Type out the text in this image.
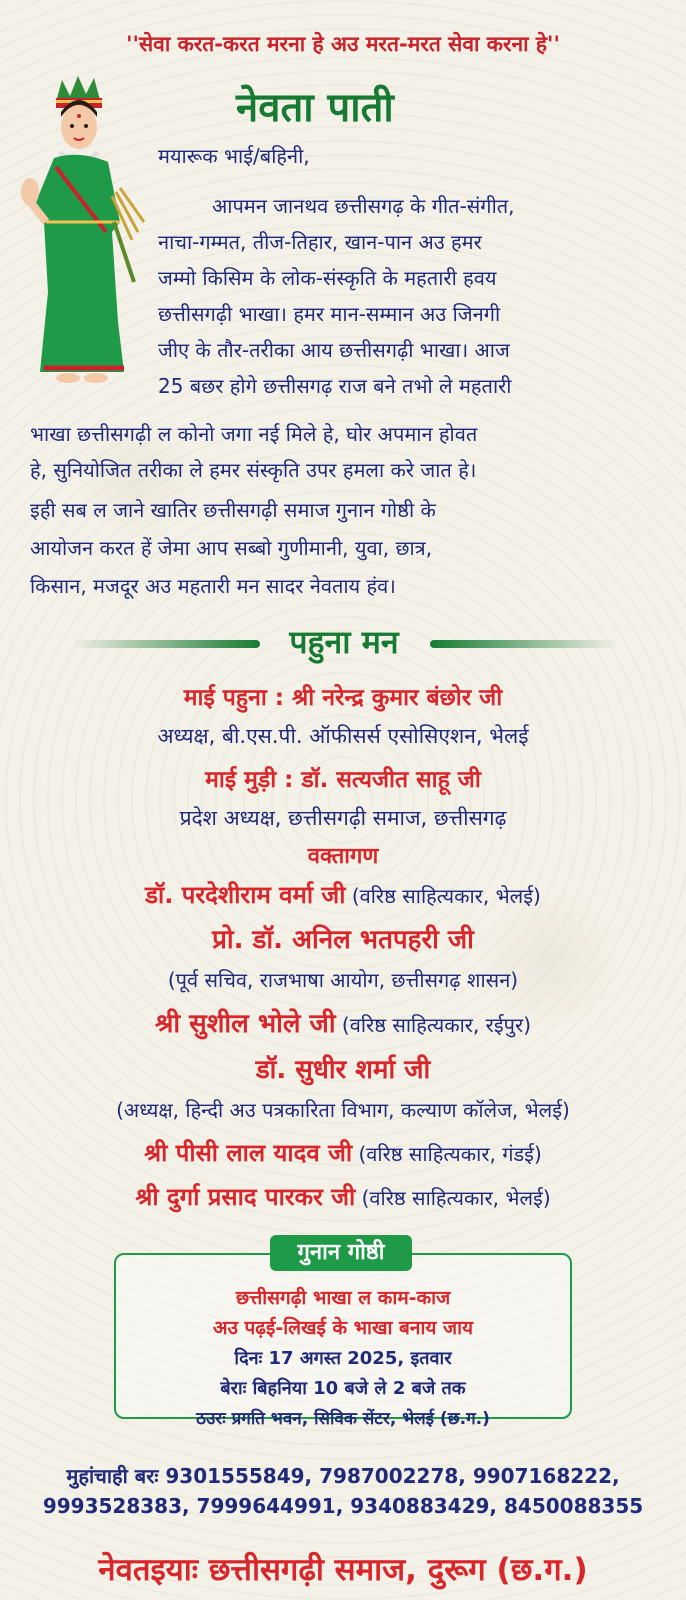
''सेवा करत-करत मरना हे अउ मरत-मरत सेवा करना हे''
नेवता पाती
मयारूक भाई/बहिनी,
आपमन जानथव छत्तीसगढ़ के गीत-संगीत,
नाचा-गम्मत, तीज-तिहार, खान-पान अउ हमर
जम्मो किसिम के लोक-संस्कृति के महतारी हवय
छत्तीसगढ़ी भाखा। हमर मान-सम्मान अउ जिनगी
जीए के तौर-तरीका आय छत्तीसगढ़ी भाखा। आज
25 बछर होगे छत्तीसगढ़ राज बने तभो ले महतारी
भाखा छत्तीसगढ़ी ल कोनो जगा नई मिले हे, घोर अपमान होवत
हे, सुनियोजित तरीका ले हमर संस्कृति उपर हमला करे जात हे।
इही सब ल जाने खातिर छत्तीसगढ़ी समाज गुनान गोष्ठी के
आयोजन करत हें जेमा आप सब्बो गुणीमानी, युवा, छात्र,
किसान, मजदूर अउ महतारी मन सादर नेवताय हंव।
पहुना मन
माई पहुना : श्री नरेन्द्र कुमार बंछोर जी
अध्यक्ष, बी.एस.पी. ऑफीसर्स एसोसिएशन, भेलई
माई मुड़ी : डॉ. सत्यजीत साहू जी
प्रदेश अध्यक्ष, छत्तीसगढ़ी समाज, छत्तीसगढ़
वक्तागण
डॉ. परदेशीराम वर्मा जी (वरिष्ठ साहित्यकार, भेलई)
प्रो. डॉ. अनिल भतपहरी जी
(पूर्व सचिव, राजभाषा आयोग, छत्तीसगढ़ शासन)
श्री सुशील भोले जी (वरिष्ठ साहित्यकार, रईपुर)
डॉ. सुधीर शर्मा जी
(अध्यक्ष, हिन्दी अउ पत्रकारिता विभाग, कल्याण कॉलेज, भेलई)
श्री पीसी लाल यादव जी (वरिष्ठ साहित्यकार, गंडई)
श्री दुर्गा प्रसाद पारकर जी (वरिष्ठ साहित्यकार, भेलई)
गुनान गोष्ठी
छत्तीसगढ़ी भाखा ल काम-काज
अउ पढ़ई-लिखई के भाखा बनाय जाय
दिनः 17 अगस्त 2025, इतवार
बेराः बिहनिया 10 बजे ले 2 बजे तक
ठउरः प्रगति भवन, सिविक सेंटर, भेलई (छ.ग.)
मुहांचाही बरः 9301555849, 7987002278, 9907168222,
9993528383, 7999644991, 9340883429, 8450088355
नेवतइयाः छत्तीसगढ़ी समाज, दुरूग (छ.ग.)
